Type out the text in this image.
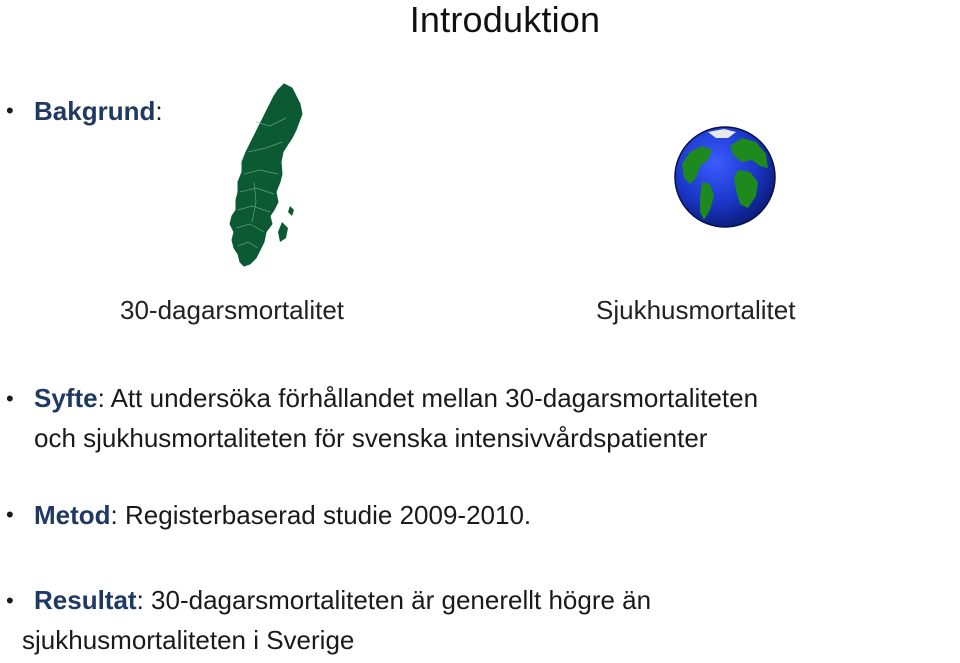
Introduktion
• Bakgrund:
30-dagarsmortalitet	Sjukhusmortalitet
• Syfte: Att undersöka förhållandet mellan 30-dagarsmortaliteten
och sjukhusmortaliteten för svenska intensivvårdspatienter
• Metod: Registerbaserad studie 2009-2010.
• Resultat: 30-dagarsmortaliteten är generellt högre än
sjukhusmortaliteten i Sverige
